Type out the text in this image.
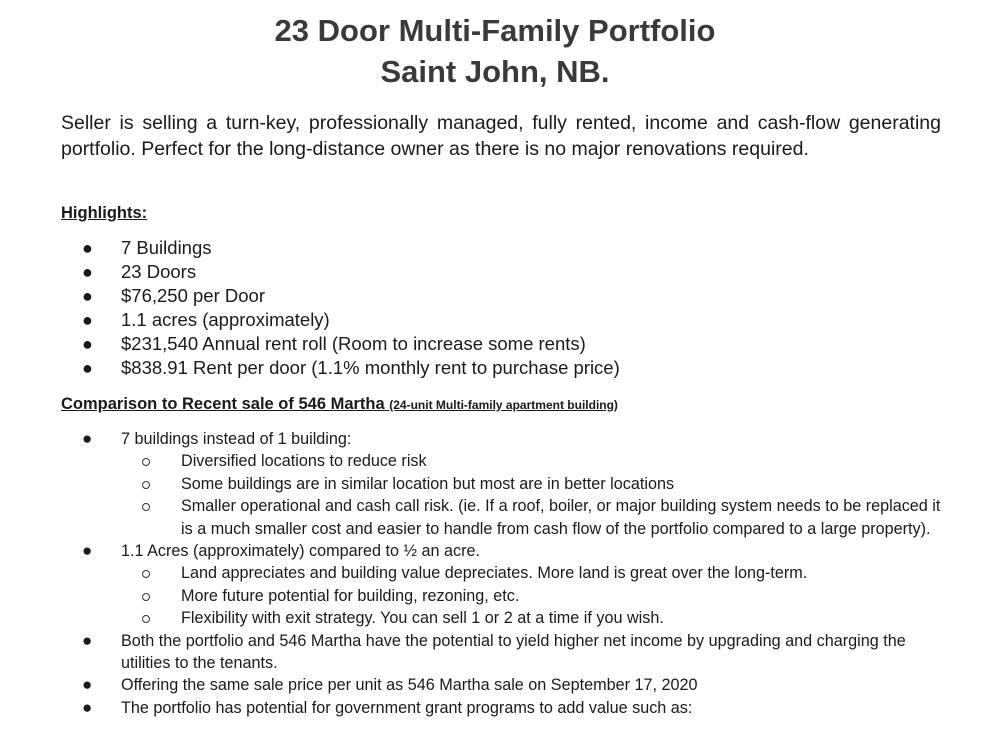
23 Door Multi-Family Portfolio
Saint John, NB.

Seller is selling a turn-key, professionally managed, fully rented, income and cash-flow generating portfolio. Perfect for the long-distance owner as there is no major renovations required.

Highlights:
● 7 Buildings
● 23 Doors
● $76,250 per Door
● 1.1 acres (approximately)
● $231,540 Annual rent roll (Room to increase some rents)
● $838.91 Rent per door (1.1% monthly rent to purchase price)
Comparison to Recent sale of 546 Martha (24-unit Multi-family apartment building)
● 7 buildings instead of 1 building:
Diversified locations to reduce risk
Some buildings are in similar location but most are in better locations
Smaller operational and cash call risk. (ie. If a roof, boiler, or major building system needs to be replaced it is a much smaller cost and easier to handle from cash flow of the portfolio compared to a large property).
● 1.1 Acres (approximately) compared to ½ an acre.
Land appreciates and building value depreciates. More land is great over the long-term.
More future potential for building, rezoning, etc.
Flexibility with exit strategy. You can sell 1 or 2 at a time if you wish.
● Both the portfolio and 546 Martha have the potential to yield higher net income by upgrading and charging the utilities to the tenants.
● Offering the same sale price per unit as 546 Martha sale on September 17, 2020
● The portfolio has potential for government grant programs to add value such as:
